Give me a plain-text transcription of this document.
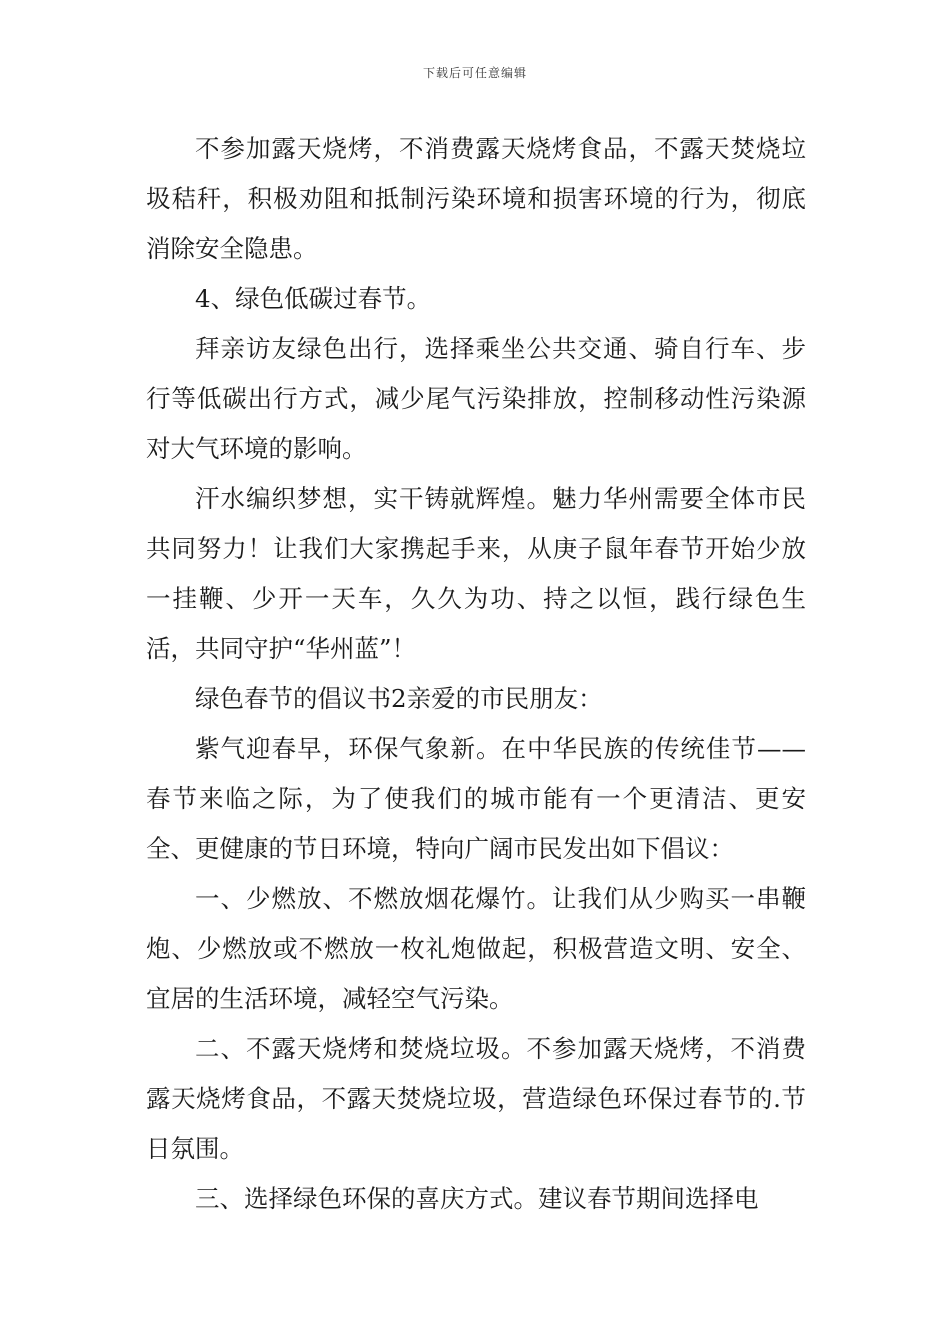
下载后可任意编辑

不参加露天烧烤，不消费露天烧烤食品，不露天焚烧垃圾秸秆，积极劝阻和抵制污染环境和损害环境的行为，彻底消除安全隐患。

4、绿色低碳过春节。

拜亲访友绿色出行，选择乘坐公共交通、骑自行车、步行等低碳出行方式，减少尾气污染排放，控制移动性污染源对大气环境的影响。

汗水编织梦想，实干铸就辉煌。魅力华州需要全体市民共同努力！让我们大家携起手来，从庚子鼠年春节开始少放一挂鞭、少开一天车，久久为功、持之以恒，践行绿色生活，共同守护“华州蓝”！

绿色春节的倡议书2亲爱的市民朋友：

紫气迎春早，环保气象新。在中华民族的传统佳节——春节来临之际，为了使我们的城市能有一个更清洁、更安全、更健康的节日环境，特向广阔市民发出如下倡议：

一、少燃放、不燃放烟花爆竹。让我们从少购买一串鞭炮、少燃放或不燃放一枚礼炮做起，积极营造文明、安全、宜居的生活环境，减轻空气污染。

二、不露天烧烤和焚烧垃圾。不参加露天烧烤，不消费露天烧烤食品，不露天焚烧垃圾，营造绿色环保过春节的.节日氛围。

三、选择绿色环保的喜庆方式。建议春节期间选择电
